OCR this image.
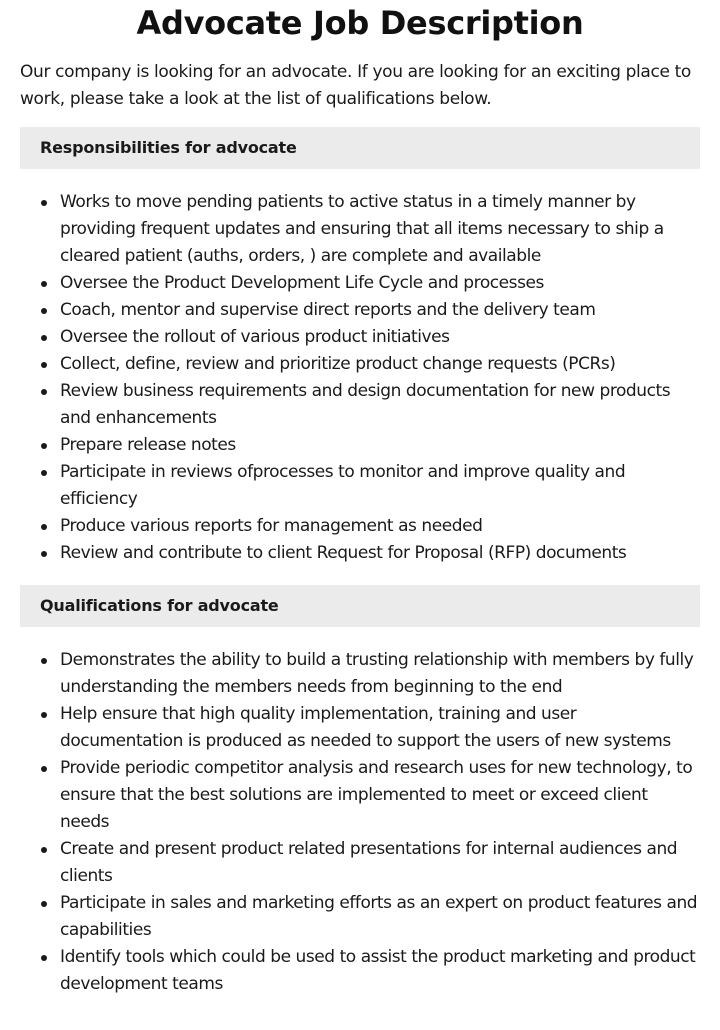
Advocate Job Description

Our company is looking for an advocate. If you are looking for an exciting place to work, please take a look at the list of qualifications below.

Responsibilities for advocate
Works to move pending patients to active status in a timely manner by providing frequent updates and ensuring that all items necessary to ship a cleared patient (auths, orders, ) are complete and available
Oversee the Product Development Life Cycle and processes
Coach, mentor and supervise direct reports and the delivery team
Oversee the rollout of various product initiatives
Collect, define, review and prioritize product change requests (PCRs)
Review business requirements and design documentation for new products and enhancements
Prepare release notes
Participate in reviews ofprocesses to monitor and improve quality and efficiency
Produce various reports for management as needed
Review and contribute to client Request for Proposal (RFP) documents
Qualifications for advocate
Demonstrates the ability to build a trusting relationship with members by fully understanding the members needs from beginning to the end
Help ensure that high quality implementation, training and user documentation is produced as needed to support the users of new systems
Provide periodic competitor analysis and research uses for new technology, to ensure that the best solutions are implemented to meet or exceed client needs
Create and present product related presentations for internal audiences and clients
Participate in sales and marketing efforts as an expert on product features and capabilities
Identify tools which could be used to assist the product marketing and product development teams
